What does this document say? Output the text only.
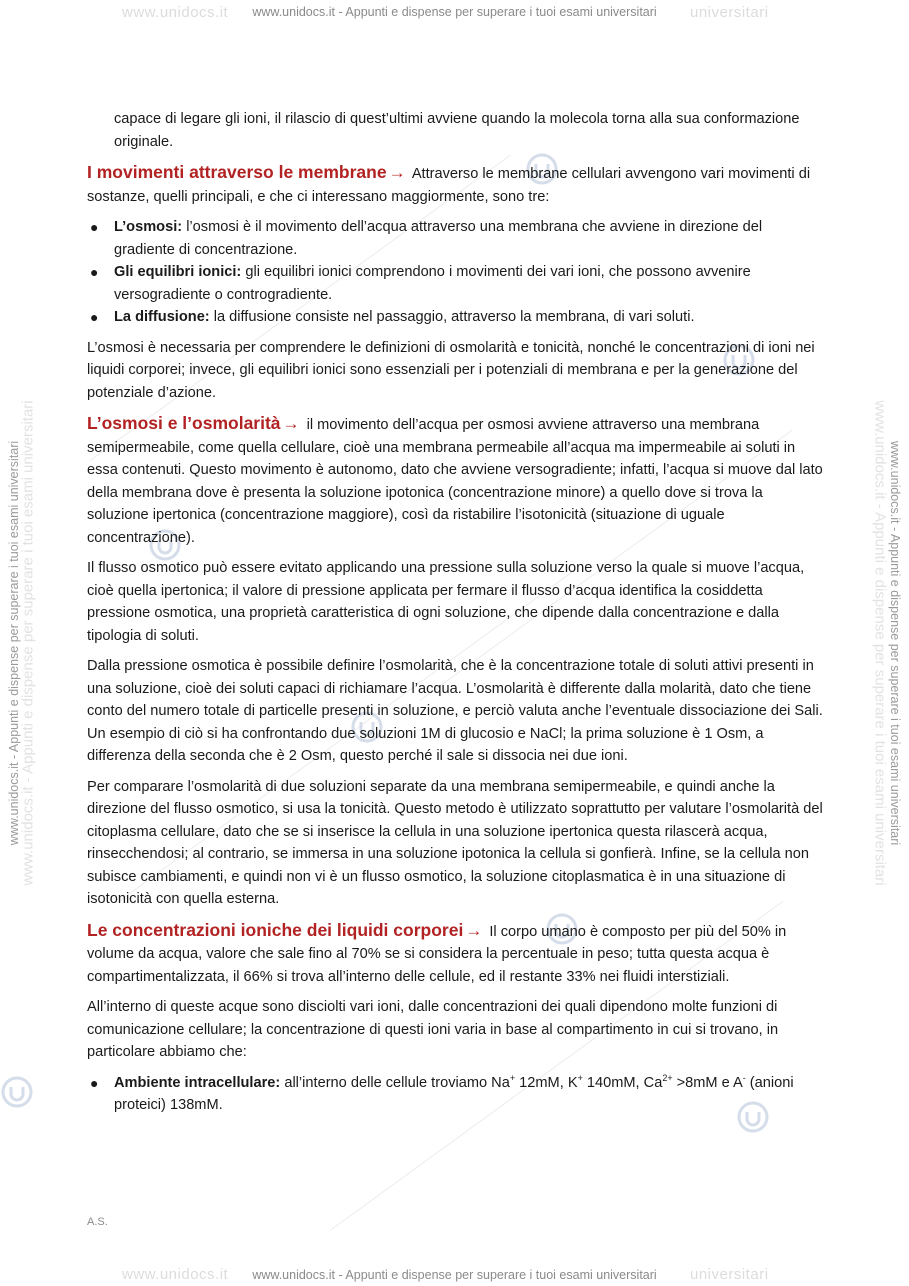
www.unidocs.it	universitari
www.unidocs.it	universitari
www.unidocs.it - Appunti e dispense per superare i tuoi esami universitari
www.unidocs.it - Appunti e dispense per superare i tuoi esami universitari
www.unidocs.it - Appunti e dispense per superare i tuoi esami universitari
www.unidocs.it - Appunti e dispense per superare i tuoi esami universitari	www.unidocs.it - Appunti e dispense per superare i tuoi esami universitari
www.unidocs.it - Appunti e dispense per superare i tuoi esami universitari

capace di legare gli ioni, il rilascio di quest’ultimi avviene quando la molecola torna alla sua conformazione originale.

I movimenti attraverso le membrane → Attraverso le membrane cellulari avvengono vari movimenti di sostanze, quelli principali, e che ci interessano maggiormente, sono tre:

● L’osmosi: l’osmosi è il movimento dell’acqua attraverso una membrana che avviene in direzione del gradiente di concentrazione.
● Gli equilibri ionici: gli equilibri ionici comprendono i movimenti dei vari ioni, che possono avvenire versogradiente o controgradiente.
● La diffusione: la diffusione consiste nel passaggio, attraverso la membrana, di vari soluti.

L’osmosi è necessaria per comprendere le definizioni di osmolarità e tonicità, nonché le concentrazioni di ioni nei liquidi corporei; invece, gli equilibri ionici sono essenziali per i potenziali di membrana e per la generazione del potenziale d’azione.

L’osmosi e l’osmolarità → il movimento dell’acqua per osmosi avviene attraverso una membrana semipermeabile, come quella cellulare, cioè una membrana permeabile all’acqua ma impermeabile ai soluti in essa contenuti. Questo movimento è autonomo, dato che avviene versogradiente; infatti, l’acqua si muove dal lato della membrana dove è presenta la soluzione ipotonica (concentrazione minore) a quello dove si trova la soluzione ipertonica (concentrazione maggiore), così da ristabilire l’isotonicità (situazione di uguale concentrazione).

Il flusso osmotico può essere evitato applicando una pressione sulla soluzione verso la quale si muove l’acqua, cioè quella ipertonica; il valore di pressione applicata per fermare il flusso d’acqua identifica la cosiddetta pressione osmotica, una proprietà caratteristica di ogni soluzione, che dipende dalla concentrazione e dalla tipologia di soluti.

Dalla pressione osmotica è possibile definire l’osmolarità, che è la concentrazione totale di soluti attivi presenti in una soluzione, cioè dei soluti capaci di richiamare l’acqua. L’osmolarità è differente dalla molarità, dato che tiene conto del numero totale di particelle presenti in soluzione, e perciò valuta anche l’eventuale dissociazione dei Sali. Un esempio di ciò si ha confrontando due soluzioni 1M di glucosio e NaCl; la prima soluzione è 1 Osm, a differenza della seconda che è 2 Osm, questo perché il sale si dissocia nei due ioni.

Per comparare l’osmolarità di due soluzioni separate da una membrana semipermeabile, e quindi anche la direzione del flusso osmotico, si usa la tonicità. Questo metodo è utilizzato soprattutto per valutare l’osmolarità del citoplasma cellulare, dato che se si inserisce la cellula in una soluzione ipertonica questa rilascerà acqua, rinsecchendosi; al contrario, se immersa in una soluzione ipotonica la cellula si gonfierà. Infine, se la cellula non subisce cambiamenti, e quindi non vi è un flusso osmotico, la soluzione citoplasmatica è in una situazione di isotonicità con quella esterna.

Le concentrazioni ioniche dei liquidi corporei → Il corpo umano è composto per più del 50% in volume da acqua, valore che sale fino al 70% se si considera la percentuale in peso; tutta questa acqua è compartimentalizzata, il 66% si trova all’interno delle cellule, ed il restante 33% nei fluidi interstiziali.

All’interno di queste acque sono disciolti vari ioni, dalle concentrazioni dei quali dipendono molte funzioni di comunicazione cellulare; la concentrazione di questi ioni varia in base al compartimento in cui si trovano, in particolare abbiamo che:

● Ambiente intracellulare: all’interno delle cellule troviamo Na+ 12mM, K+ 140mM, $Ca^{2+} >8mM$ e A- (anioni proteici) 138mM.
A.S.
